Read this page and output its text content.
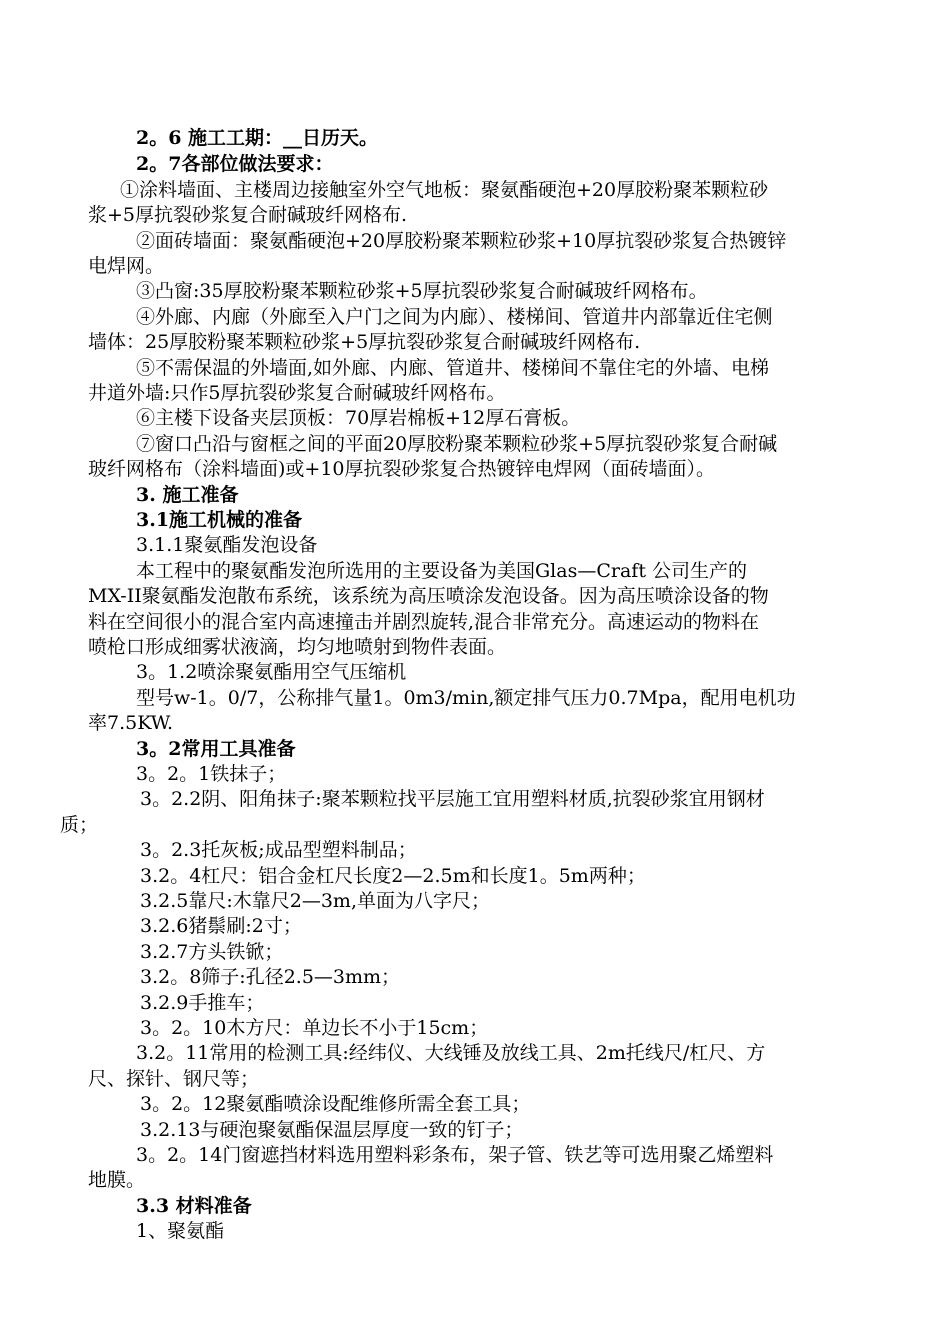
2。6 施工工期：__日历天。
2。7各部位做法要求：
①涂料墙面、主楼周边接触室外空气地板：聚氨酯硬泡+20厚胶粉聚苯颗粒砂
浆+5厚抗裂砂浆复合耐碱玻纤网格布.
②面砖墙面：聚氨酯硬泡+20厚胶粉聚苯颗粒砂浆+10厚抗裂砂浆复合热镀锌
电焊网。
③凸窗:35厚胶粉聚苯颗粒砂浆+5厚抗裂砂浆复合耐碱玻纤网格布。
④外廊、内廊（外廊至入户门之间为内廊）、楼梯间、管道井内部靠近住宅侧
墙体：25厚胶粉聚苯颗粒砂浆+5厚抗裂砂浆复合耐碱玻纤网格布.
⑤不需保温的外墙面,如外廊、内廊、管道井、楼梯间不靠住宅的外墙、电梯
井道外墙:只作5厚抗裂砂浆复合耐碱玻纤网格布。
⑥主楼下设备夹层顶板：70厚岩棉板+12厚石膏板。
⑦窗口凸沿与窗框之间的平面20厚胶粉聚苯颗粒砂浆+5厚抗裂砂浆复合耐碱
玻纤网格布（涂料墙面)或+10厚抗裂砂浆复合热镀锌电焊网（面砖墙面）。
3. 施工准备
3.1施工机械的准备
3.1.1聚氨酯发泡设备
本工程中的聚氨酯发泡所选用的主要设备为美国Glas—Craft 公司生产的
MX-II聚氨酯发泡散布系统，该系统为高压喷涂发泡设备。因为高压喷涂设备的物
料在空间很小的混合室内高速撞击并剧烈旋转,混合非常充分。高速运动的物料在
喷枪口形成细雾状液滴，均匀地喷射到物件表面。
3。1.2喷涂聚氨酯用空气压缩机
型号w-1。0/7，公称排气量1。0m3/min,额定排气压力0.7Mpa，配用电机功
率7.5KW.
3。2常用工具准备
3。2。1铁抹子；
3。2.2阴、阳角抹子:聚苯颗粒找平层施工宜用塑料材质,抗裂砂浆宜用钢材
质；
3。2.3托灰板;成品型塑料制品；
3.2。4杠尺：铝合金杠尺长度2—2.5m和长度1。5m两种；
3.2.5靠尺:木靠尺2—3m,单面为八字尺；
3.2.6猪鬃刷:2寸；
3.2.7方头铁锨；
3.2。8筛子:孔径2.5—3mm；
3.2.9手推车；
3。2。10木方尺：单边长不小于15cm；
3.2。11常用的检测工具:经纬仪、大线锤及放线工具、2m托线尺/杠尺、方
尺、探针、钢尺等；
3。2。12聚氨酯喷涂设配维修所需全套工具；
3.2.13与硬泡聚氨酯保温层厚度一致的钉子；
3。2。14门窗遮挡材料选用塑料彩条布，架子管、铁艺等可选用聚乙烯塑料
地膜。
3.3 材料准备
1、聚氨酯
